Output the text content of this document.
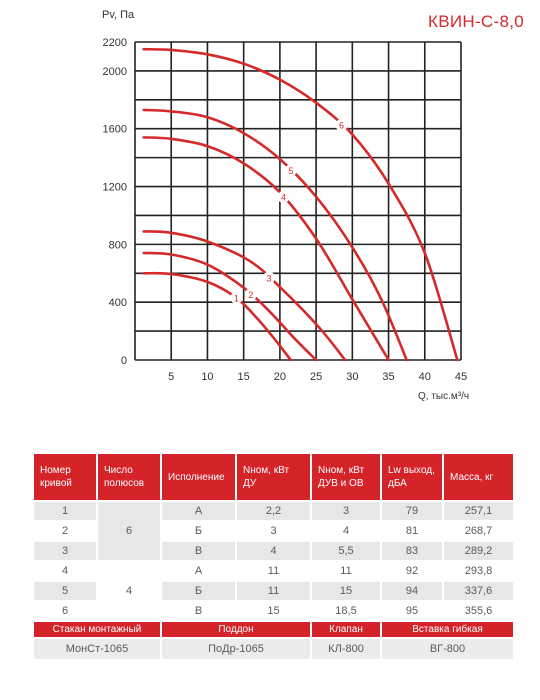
0
400
800
1200
1600
2000
2200
5 10 15 20 25 30 35 40 45
1 2
3
4
5
6
КВИН-С-8,0
Pv, Па
Q, тыс.м³/ч
Номер кривой	Число полюсов	Исполнение	Nном, кВт ДУ	Nном, кВт ДУВ и ОВ	Lw выход, дБА	Масса, кг
1	6	А	2,2	3	79	257,1
2		Б	3	4	81	268,7
3		В	4	5,5	83	289,2
4	4	А	11	11	92	293,8
5		Б	11	15	94	337,6
6		В	15	18,5	95	355,6
Стакан монтажный		Поддон		Клапан	Вставка гибкая	
МонСт-1065		ПоДр-1065		КЛ-800	ВГ-800	
